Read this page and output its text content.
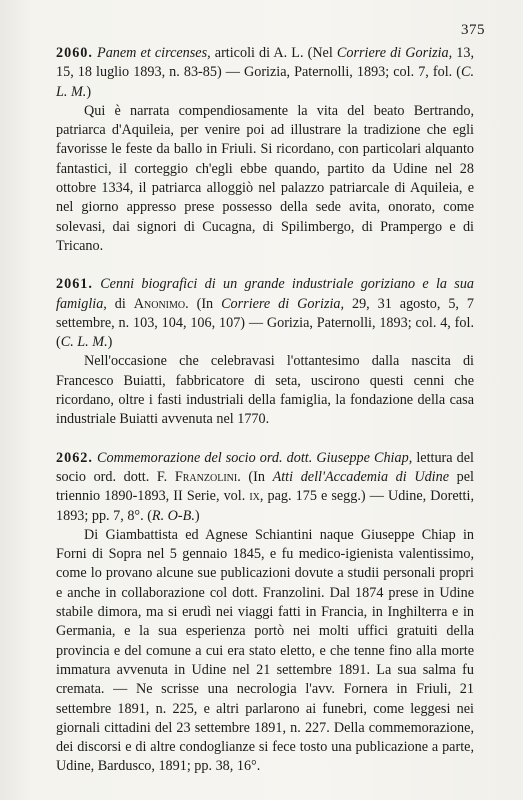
375

2060. Panem et circenses, articoli di A. L. (Nel Corriere di Gorizia, 13, 15, 18 luglio 1893, n. 83-85) — Gorizia, Paternolli, 1893; col. 7, fol. (C. L. M.)

Qui è narrata compendiosamente la vita del beato Bertrando, patriarca d'Aquileia, per venire poi ad illustrare la tradizione che egli favorisse le feste da ballo in Friuli. Si ricordano, con particolari alquanto fantastici, il corteggio ch'egli ebbe quando, partito da Udine nel 28 ottobre 1334, il patriarca alloggiò nel palazzo patriarcale di Aquileia, e nel giorno appresso prese possesso della sede avita, onorato, come solevasi, dai signori di Cucagna, di Spilimbergo, di Prampergo e di Tricano.

2061. Cenni biografici di un grande industriale goriziano e la sua famiglia, di Anonimo. (In Corriere di Gorizia, 29, 31 agosto, 5, 7 settembre, n. 103, 104, 106, 107) — Gorizia, Paternolli, 1893; col. 4, fol. (C. L. M.)

Nell'occasione che celebravasi l'ottantesimo dalla nascita di Francesco Buiatti, fabbricatore di seta, uscirono questi cenni che ricordano, oltre i fasti industriali della famiglia, la fondazione della casa industriale Buiatti avvenuta nel 1770.

2062. Commemorazione del socio ord. dott. Giuseppe Chiap, lettura del socio ord. dott. F. Franzolini. (In Atti dell'Accademia di Udine pel triennio 1890-1893, II Serie, vol. ix, pag. 175 e segg.) — Udine, Doretti, 1893; pp. 7, 8°. (R. O-B.)

Di Giambattista ed Agnese Schiantini naque Giuseppe Chiap in Forni di Sopra nel 5 gennaio 1845, e fu medico-igienista valentissimo, come lo provano alcune sue publicazioni dovute a studii personali propri e anche in collaborazione col dott. Franzolini. Dal 1874 prese in Udine stabile dimora, ma si erudì nei viaggi fatti in Francia, in Inghilterra e in Germania, e la sua esperienza portò nei molti uffici gratuiti della provincia e del comune a cui era stato eletto, e che tenne fino alla morte immatura avvenuta in Udine nel 21 settembre 1891. La sua salma fu cremata. — Ne scrisse una necrologia l'avv. Fornera in Friuli, 21 settembre 1891, n. 225, e altri parlarono ai funebri, come leggesi nei giornali cittadini del 23 settembre 1891, n. 227. Della commemorazione, dei discorsi e di altre condoglianze si fece tosto una publicazione a parte, Udine, Bardusco, 1891; pp. 38, 16°.
